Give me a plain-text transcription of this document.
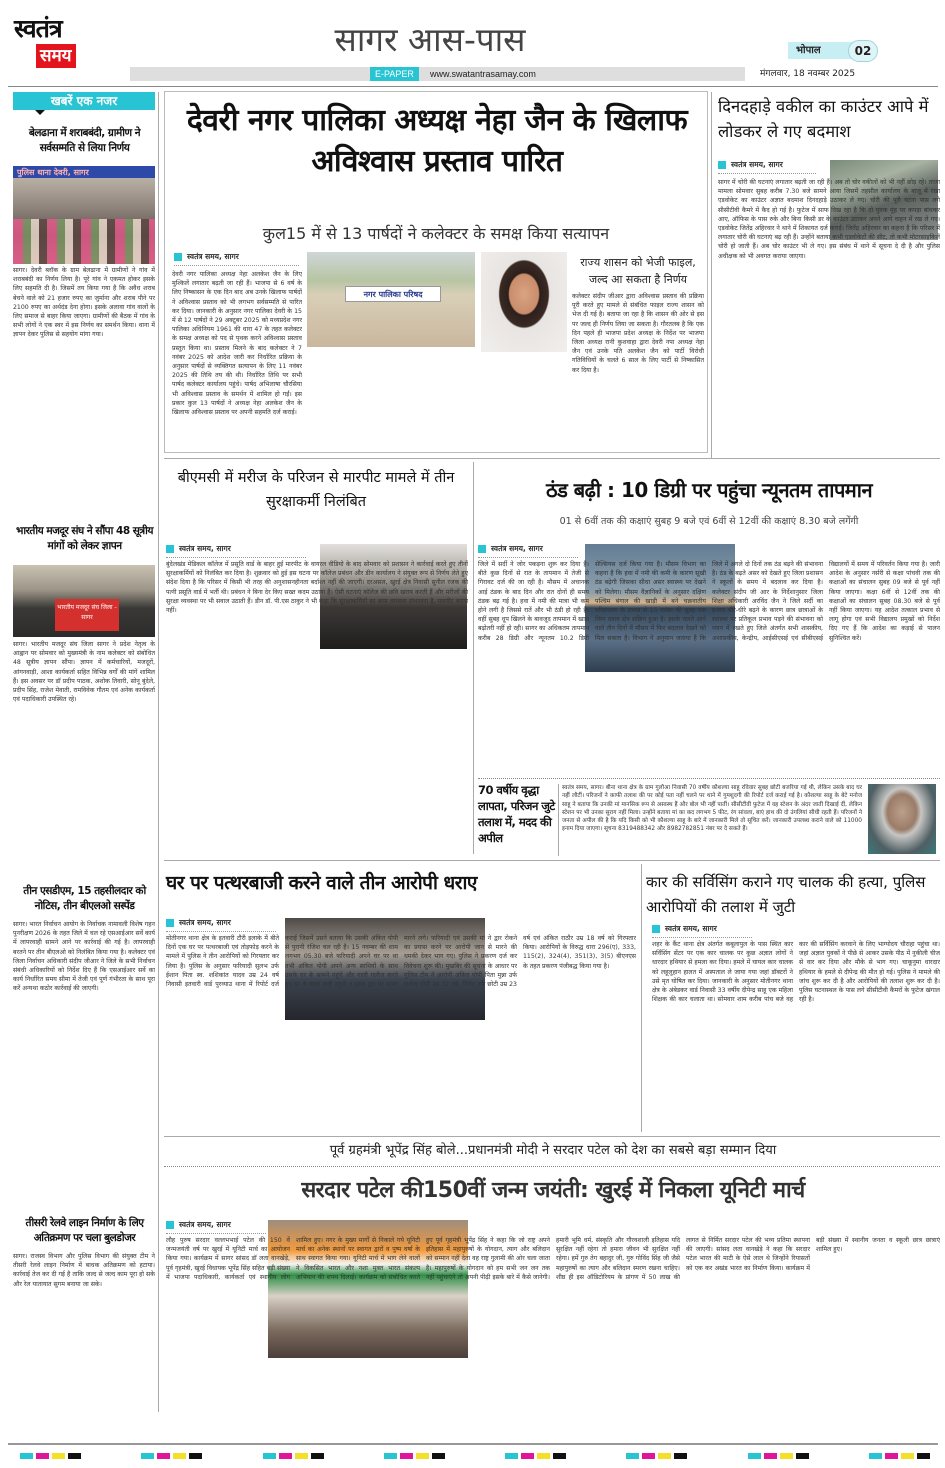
स्वतंत्र
समय	सागर आस-पास
E-PAPER	www.swatantrasamay.com
भोपाल	02
मंगलवार, 18 नवम्बर 2025
खबरें एक नजर
बेलढाना में शराबबंदी, ग्रामीण ने सर्वसम्मति से लिया निर्णय
पुलिस थाना देवरी, सागर
सागर। देवरी ब्लॉक के ग्राम बेलढाना में ग्रामीणों ने गांव में शराबबंदी का निर्णय लिया है। पूरे गांव ने एकमत होकर इसके लिए सहमति दी है। जिसमें तय किया गया है कि अवैध शराब बेचने वाले को 21 हजार रुपए का जुर्माना और शराब पीने पर 2100 रुपए का अर्थदंड देना होगा। इसके अलावा गांव वालों के लिए समाज से बाहर किया जाएगा। ग्रामीणों की बैठक में गांव के सभी लोगों ने एक स्वर में इस निर्णय का समर्थन किया। थाना में ज्ञापन देकर पुलिस से सहयोग मांगा गया।
भारतीय मजदूर संघ ने सौंपा 48 सूत्रीय मांगों को लेकर ज्ञापन
भारतीय मजदूर संघ जिला - सागर
सागर। भारतीय मजदूर संघ जिला सागर ने प्रदेश नेतृत्व के आह्वान पर सोमवार को मुख्यमंत्री के नाम कलेक्टर को संबोधित 48 सूत्रीय ज्ञापन सौंपा। ज्ञापन में कर्मचारियों, मजदूरों, आंगनवाड़ी, आशा कार्यकर्ता सहित विभिन्न वर्गों की मांगें शामिल हैं। इस अवसर पर डॉ प्रदीप पाठक, अशोक तिवारी, सोनू बुंदेले, प्रदीप सिंह, राजेश मेवाती, रामविवेक गौतम एवं अनेक कार्यकर्ता एवं पदाधिकारी उपस्थित रहे।
तीन एसडीएम, 15 तहसीलदार को नोटिस, तीन बीएलओ सस्पेंड
सागर। भारत निर्वाचन आयोग के निर्वाचक नामावली विशेष गहन पुनरीक्षण 2026 के तहत जिले में चल रहे एसआईआर सर्वे कार्य में लापरवाही सामने आने पर कार्रवाई की गई है। लापरवाही बरतने पर तीन बीएलओ को निलंबित किया गया है। कलेक्टर एवं जिला निर्वाचन अधिकारी संदीप जीआर ने जिले के सभी निर्वाचन संबंधी अधिकारियों को निर्देश दिए हैं कि एसआईआर सर्वे का कार्य निर्धारित समय सीमा में तेजी एवं पूर्ण गंभीरता के साथ पूरा करें अन्यथा कठोर कार्रवाई की जाएगी।
तीसरी रेलवे लाइन निर्माण के लिए अतिक्रमण पर चला बुलडोजर
सागर। राजस्व विभाग और पुलिस विभाग की संयुक्त टीम ने तीसरी रेलवे लाइन निर्माण में बाधक अतिक्रमण को हटाया। कार्रवाई तेज कर दी गई है ताकि जल्द से जल्द काम पूरा हो सके और रेल यातायात सुगम बनाया जा सके।
देवरी नगर पालिका अध्यक्ष नेहा जैन के खिलाफ अविश्वास प्रस्ताव पारित
कुल15 में से 13 पार्षदों ने कलेक्टर के समक्ष किया सत्यापन
स्वतंत्र समय, सागर
नगर पालिका परिषद
राज्य शासन को भेजी फाइल, जल्द आ सकता है निर्णय
देवरी नगर पालिका अध्यक्ष नेहा अलकेश जैन के लिए मुश्किलें लगातार बढ़ती जा रही हैं। भाजपा से 6 वर्ष के लिए निष्कासन के एक दिन बाद अब उनके खिलाफ पार्षदों ने अविश्वास प्रस्ताव को भी लगभग सर्वसम्मति से पारित कर दिया। जानकारी के अनुसार नगर पालिका देवरी के 15 में से 12 पार्षदों ने 29 अक्टूबर 2025 को मध्यप्रदेश नगर पालिका अधिनियम 1961 की धारा 47 के तहत कलेक्टर के समक्ष अध्यक्ष को पद से पृथक करने अविश्वास प्रस्ताव प्रस्तुत किया था। प्रस्ताव मिलने के बाद कलेक्टर ने 7 नवंबर 2025 को आदेश जारी कर निर्धारित प्रक्रिया के अनुसार पार्षदों से व्यक्तिगत सत्यापन के लिए 11 नवंबर 2025 की तिथि तय की थी। निर्धारित तिथि पर सभी पार्षद कलेक्टर कार्यालय पहुंचे। पार्षद अभिलाषा चौरसिया भी अविश्वास प्रस्ताव के समर्थन में शामिल हो गईं। इस प्रकार कुल 13 पार्षदों ने अध्यक्ष नेहा अलकेश जैन के खिलाफ अविश्वास प्रस्ताव पर अपनी सहमति दर्ज कराई।
कलेक्टर संदीप जीआर द्वारा अविश्वास प्रस्ताव की प्रक्रिया पूरी करते हुए मामले से संबंधित फाइल राज्य शासन को भेज दी गई है। बताया जा रहा है कि शासन की ओर से इस पर जल्द ही निर्णय लिया जा सकता है। गौरतलब है कि एक दिन पहले ही भाजपा प्रदेश अध्यक्ष के निर्देश पर भाजपा जिला अध्यक्ष रानी कुशवाहा द्वारा देवरी नपा अध्यक्ष नेहा जैन एवं उनके पति अलकेश जैन को पार्टी विरोधी गतिविधियों के चलते 6 साल के लिए पार्टी से निष्कासित कर दिया है।
दिनदहाड़े वकील का काउंटर आपे में लोडकर ले गए बदमाश
स्वतंत्र समय, सागर
सागर में चोरी की घटनाएं लगातार बढ़ती जा रही हैं। अब तो चोर वकीलों को भी नहीं छोड़ रहे। ताजा मामला सोमवार सुबह करीब 7.30 बजे सामने आया जिसमें तहसील कार्यालय के बाजू में रखा एडवोकेट का काउंटर अज्ञात बदमाश दिनदहाड़े उठाकर ले गए। चोरी की पूरी घटना पास लगे सीसीटीवी कैमरे में कैद हो गई है। फुटेज में साफ दिख रहा है कि दो युवक मुंह पर कपड़ा बांधकर आए, ऑफिस के पास रुके और बिना किसी डर के काउंटर उठाकर अपने आपे वाहन में रख ले गए। एडवोकेट जितेंद्र अहिरवार ने थाने में शिकायत दर्ज कराई। जितेंद्र अहिरवार का कहना है कि परिसर में लगातार चोरी की घटनाएं बढ़ रही हैं। उन्होंने बताया कभी एडवोकेटों की सीट, तो कभी मोटरसाइकिलें चोरी हो जाती हैं। अब चोर काउंटर भी ले गए। इस संबंध में थाने में सूचना दे दी है और पुलिस अधीक्षक को भी अवगत कराया जाएगा।
बीएमसी में मरीज के परिजन से मारपीट मामले में तीन सुरक्षाकर्मी निलंबित
स्वतंत्र समय, सागर
बुंदेलखंड मेडिकल कॉलेज में प्रसूति वार्ड के बाहर हुई मारपीट के वायरल वीडियो के बाद सोमवार को प्रशासन ने कार्रवाई करते हुए तीनों सुरक्षाकर्मियों को निलंबित कर दिया है। शुक्रवार को हुई इस घटना पर कॉलेज प्रबंधन और डीन कार्यालय ने संयुक्त रूप से निर्णय लेते हुए संदेश दिया है कि परिसर में किसी भी तरह की अनुशासनहीनता बर्दाश्त नहीं की जाएगी। दरअसल, खुरई क्षेत्र निवासी सुनील रजक की पत्नी प्रसूति वार्ड में भर्ती थी। प्रबंधन ने बिना देर किए सख्त कदम उठाया है। ऐसी घटनाएं कॉलेज की छवि खराब करती हैं और मरीजों की सुरक्षा व्यवस्था पर भी सवाल उठाती हैं। डीन डॉ. पी.एस ठाकुर ने भी कहा कि सुरक्षाकर्मियों का काम व्यवस्था संभालना है, मारपीट करना नहीं।
ठंड बढ़ी : 10 डिग्री पर पहुंचा न्यूनतम तापमान
01 से 6वीं तक की कक्षाएं सुबह 9 बजे एवं 6वीं से 12वीं की कक्षाएं 8.30 बजे लगेंगी
स्वतंत्र समय, सागर
जिले में सर्दी ने जोर पकड़ना शुरू कर दिया है। बीते कुछ दिनों से रात के तापमान में तेजी से गिरावट दर्ज की जा रही है। मौसम में अचानक आई ठंडक के बाद दिन और रात दोनों ही समय ठंडक बढ़ गई है। हवा में नमी की मात्रा भी कम होने लगी है जिससे रातें और भी ठंडी हो रही हैं। वहीं सुबह धूप खिलने के बावजूद तापमान में खास बढ़ोतरी नहीं हो रही। सागर का अधिकतम तापमान करीब 28 डिग्री और न्यूनतम 10.2 डिग्री सेल्सियस दर्ज किया गया है। मौसम विभाग का कहना है कि हवा में नमी की कमी के कारण सूखी ठंड बढ़ेगी जिसका सीधा असर स्वास्थ्य पर देखने को मिलेगा। मौसम वैज्ञानिकों के अनुसार दक्षिण पश्चिम बंगाल की खाड़ी में बने चक्रवातीय परिसंचरण के प्रभाव से 15 नवंबर की सुबह एक निम्न दबाव क्षेत्र सक्रिय हुआ है। इसके चलते आने वाले तीन दिनों में मौसम में फिर बदलाव देखने को मिल सकता है। विभाग ने अनुमान जताया है कि जिले में अगले दो दिनों तक ठंड बढ़ने की संभावना है। ठंड के बढ़ते असर को देखते हुए जिला प्रशासन ने स्कूलों के समय में बदलाव कर दिया है। कलेक्टर संदीप जी आर के निर्देशानुसार जिला शिक्षा अधिकारी अरविंद जैन ने जिले सर्दी का प्रभाव धीरे-धीरे बढ़ने के कारण छात्र छात्राओं के स्वास्थ्य पर प्रतिकूल प्रभाव पड़ने की संभावना को ध्यान में रखते हुए जिले अंतर्गत सभी शासकीय, अशासकीय, केन्द्रीय, आईसीएसई एवं सीबीएसई विद्यालयों में समय में परिवर्तन किया गया है। जारी आदेश के अनुसार नर्सरी से कक्षा पांचवी तक की कक्षाओं का संचालन सुबह 09 बजे से पूर्व नहीं किया जाएगा। कक्षा 6वीं से 12वीं तक की कक्षाओं का संचालन सुबह 08.30 बजे से पूर्व नहीं किया जाएगा। यह आदेश तत्काल प्रभाव से लागू होगा एवं सभी विद्यालय प्रमुखों को निर्देश दिए गए हैं कि आदेश का कड़ाई से पालन सुनिश्चित करें।
70 वर्षीय वृद्धा लापता, परिजन जुटे तलाश में, मदद की अपील
स्वतंत्र समय, सागर। बीना थाना क्षेत्र के ग्राम गुलौआ निवासी 70 वर्षीय कौशल्या साहू रविवार सुबह छोटी बजरिया गई थी, लेकिन उसके बाद घर नहीं लौटीं। परिजनों ने काफी तलाश की पर कोई पता नहीं चलने पर थाने में गुमशुदगी की रिपोर्ट दर्ज कराई गई है। कौशल्या साहू के बेटे मनोज साहू ने बताया कि उनकी मां मानसिक रूप से अस्वस्थ हैं और बोल भी नहीं पातीं। सीसीटीवी फुटेज में वह स्टेशन के अंदर जाती दिखाई दीं, लेकिन स्टेशन पर भी उनका सुराग नहीं मिला। उन्होंने बताया मां का कद लगभग 5 फीट, रंग सांवला, बाएं हाथ की दो उंगलियां सीधी रहती हैं। परिजनों ने जनता से अपील की है कि यदि किसी को भी कौशल्या साहू के बारे में जानकारी मिले तो सूचित करें। जानकारी उपलब्ध कराने वाले को 11000 इनाम दिया जाएगा। सूचना 8319488342 और 8982782851 नंबर पर दे सकते हैं।
घर पर पत्थरबाजी करने वाले तीन आरोपी धराए
स्वतंत्र समय, सागर
मोतीनगर थाना क्षेत्र के इतवारी टौरी इलाके में बीते दिनों एक घर पर पत्थरबाजी एवं तोड़फोड़ करने के मामले में पुलिस ने तीन आरोपियों को गिरफ्तार कर लिया है। पुलिस के अनुसार फरियादी सुलभ उर्फ ईशान पिता स्व. शशिकांत यादव उम्र 24 वर्ष निवासी इतवारी वार्ड पुरव्याउ थाना में रिपोर्ट दर्ज कराई जिसमें उसने बताया कि उसकी अंकित पोपी से पुरानी रंजिश चल रही है। 15 नवम्बर की शाम लगभग 05.30 बजे फरियादी अपने घर पर था तभी अंकित पोपी अपने अन्य साथियों के साथ उसके घर के सामने पहुंचे और गाली गलौज करते हुए घर के बाहर खड़ी स्कूटी व मुख्य द्वार पर पत्थर मारने लगे। फरियादी एवं उसकी मां ने द्वार रोकने का प्रयास करने पर आरोपी जान से मारने की धमकी देकर भाग गए। पुलिस ने प्रकरण दर्ज कर विवेचना शुरू की। मुखबिर की सूचना के आधार पर पुलिस टीम ने आरोपी अंकित पोपी पिता मुन्ना उर्फ राजेन्द्र पोपी उम्र 32 वर्ष, नितेश उर्फ छोटी उम्र 23 वर्ष एवं अंकित राठौर उम्र 18 वर्ष को गिरफ्तार किया। आरोपियों के विरुद्ध धारा 296(ए), 333, 115(2), 324(4), 351(3), 3(5) बीएनएस के तहत प्रकरण पंजीबद्ध किया गया है।
कार की सर्विसिंग कराने गए चालक की हत्या, पुलिस आरोपियों की तलाश में जुटी
स्वतंत्र समय, सागर
शहर के कैंट थाना क्षेत्र अंतर्गत कबूलापुल के पास स्थित कार सर्विसिंग सेंटर पर एक कार चालक पर कुछ अज्ञात लोगों ने धारदार हथियार से हमला कर दिया। हमले में घायल कार चालक को लहूलुहान हालत में अस्पताल ले जाया गया जहां डॉक्टरों ने उसे मृत घोषित कर दिया। जानकारी के अनुसार मोतीनगर थाना क्षेत्र के अंबेडकर वार्ड निवासी 33 वर्षीय दीपेन्द्र साहू एक महिला शिक्षक की कार चलाता था। सोमवार शाम करीब पांच बजे वह कार की सर्विसिंग करवाने के लिए भाग्योदय चौराहा पहुंचा था। जहां अज्ञात युवकों ने पीछे से आकर उसके पीठ में नुकीली चीज से वार कर दिया और मौके से भाग गए। चाकूनुमा धारदार हथियार के हमले से दीपेन्द्र की मौत हो गई। पुलिस ने मामले की जांच शुरू कर दी है और आरोपियों की तलाश शुरू कर दी है। पुलिस घटनास्थल के पास लगे सीसीटीवी कैमरों के फुटेज खंगाल रही है।
पूर्व ग्रहमंत्री भूपेंद्र सिंह बोले...प्रधानमंत्री मोदी ने सरदार पटेल को देश का सबसे बड़ा सम्मान दिया
सरदार पटेल की150वीं जन्म जयंती: खुरई में निकला यूनिटी मार्च
स्वतंत्र समय, सागर
लौह पुरुष सरदार वल्लभभाई पटेल की 150 वें जन्मजयंती वर्ष पर खुरई में यूनिटी मार्च का आयोजन किया गया। कार्यक्रम में सागर सांसद डॉ लता वानखेड़े, पूर्व गृहमंत्री, खुरई विधायक भूपेंद्र सिंह सहित बड़ी संख्या में भाजपा पदाधिकारी, कार्यकर्ता एवं स्थानीय लोग शामिल हुए। नगर के मुख्य मार्गों से निकाले गये यूनिटी मार्च का अनेक स्थानों पर स्वागत द्वारों व पुष्प वर्षा के साथ स्वागत किया गया। यूनिटी मार्च में भाग लेने वालों ने विकसित भारत और नशा मुक्त भारत संकल्प अभियान की शपथ दिलाई। कार्यक्रम को संबोधित करते हुए पूर्व गृहमंत्री भूपेंद्र सिंह ने कहा कि जो राष्ट्र अपने इतिहास में महापुरुषों के योगदान, त्याग और बलिदान को सम्मान नहीं देता वह राष्ट्र गुलामी की ओर चला जाता है। महापुरुषों के योगदान को हम सभी जन जन तक नहीं पहुंचाएंगे तो अपनी पीढ़ी इसके बारे में कैसे जानेगी। हमारी भूमि धर्म, संस्कृति और गौरवशाली इतिहास यदि सुरक्षित नहीं रहेगा तो हमारा जीवन भी सुरक्षित नहीं रहेगा। हमें गुरु तेग बहादुर जी, गुरु गोविंद सिंह जी जैसे महापुरुषों का त्याग और बलिदान स्मरण रखना चाहिए। शीघ्र ही इस ऑडिटोरियम के प्रांगण में 50 लाख की लागत से निर्मित सरदार पटेल की भव्य प्रतिमा स्थापना की जाएगी। सांसद लता वानखेड़े ने कहा कि सरदार पटेल भारत की माटी के ऐसे लाल थे जिन्होंने रियासतों को एक कर अखंड भारत का निर्माण किया। कार्यक्रम में बड़ी संख्या में स्थानीय जनता व स्कूली छात्र छात्राएं शामिल हुए।
